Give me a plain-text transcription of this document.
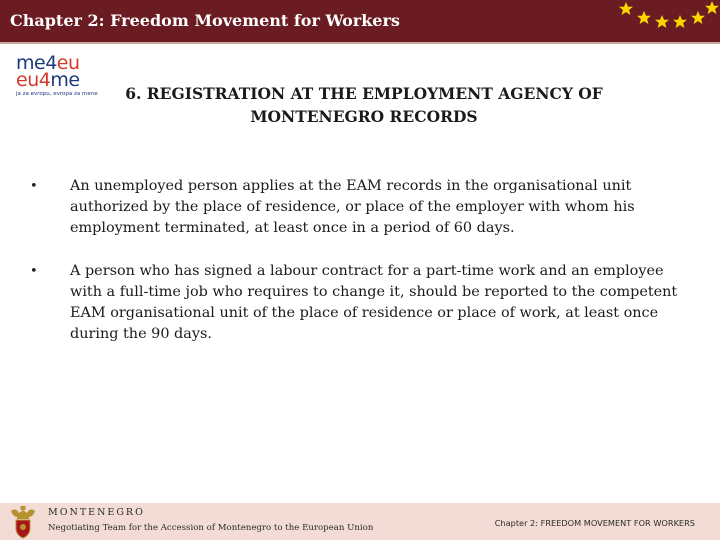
Chapter 2: Freedom Movement for Workers
me4eu
eu4me
ja za evropu, evropa za mene	6. REGISTRATION AT THE EMPLOYMENT AGENCY OF
MONTENEGRO RECORDS
• An unemployed person applies at the EAM records in the organisational unit authorized by the place of residence, or place of the employer with whom his employment terminated, at least once in a period of 60 days.
• A person who has signed a labour contract for a part-time work and an employee with a full-time job who requires to change it, should be reported to the competent EAM organisational unit of the place of residence or place of work, at least once during the 90 days.
MONTENEGRO
Negotiating Team for the Accession of Montenegro to the European Union	Chapter 2: FREEDOM MOVEMENT FOR WORKERS
